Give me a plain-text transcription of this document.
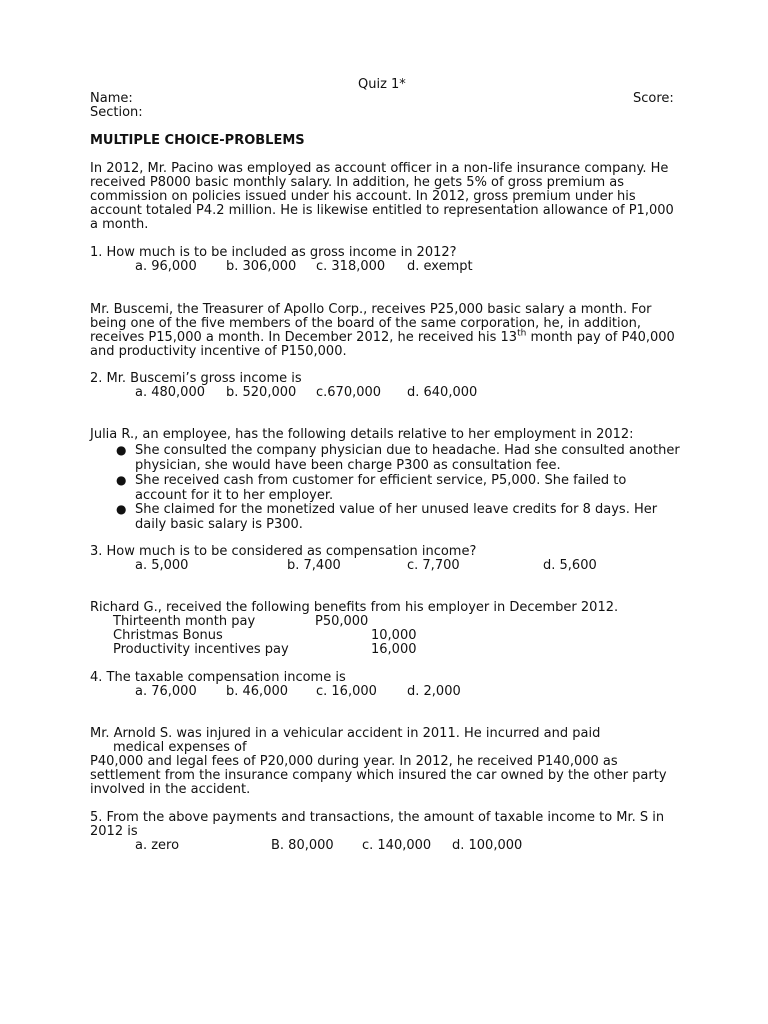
Quiz 1*
Name:	Score:
Section:
MULTIPLE CHOICE-PROBLEMS
In 2012, Mr. Pacino was employed as account officer in a non-life insurance company. He received P8000 basic monthly salary. In addition, he gets 5% of gross premium as commission on policies issued under his account. In 2012, gross premium under his account totaled P4.2 million. He is likewise entitled to representation allowance of P1,000 a month.
1. How much is to be included as gross income in 2012?
a. 96,000 b. 306,000 c. 318,000 d. exempt
Mr. Buscemi, the Treasurer of Apollo Corp., receives P25,000 basic salary a month. For being one of the five members of the board of the same corporation, he, in addition, receives P15,000 a month. In December 2012, he received his 13th month pay of P40,000 and productivity incentive of P150,000.
2. Mr. Buscemi’s gross income is
a. 480,000 b. 520,000 c.670,000 d. 640,000
Julia R., an employee, has the following details relative to her employment in 2012:
● She consulted the company physician due to headache. Had she consulted another physician, she would have been charge P300 as consultation fee.
● She received cash from customer for efficient service, P5,000. She failed to account for it to her employer.
● She claimed for the monetized value of her unused leave credits for 8 days. Her daily basic salary is P300.
3. How much is to be considered as compensation income?
a. 5,000	b. 7,400	c. 7,700	d. 5,600
Richard G., received the following benefits from his employer in December 2012.
Thirteenth month pay	P50,000
Christmas Bonus	10,000
Productivity incentives pay	16,000
4. The taxable compensation income is
a. 76,000 b. 46,000 c. 16,000 d. 2,000
Mr. Arnold S. was injured in a vehicular accident in 2011. He incurred and paid
medical expenses of
P40,000 and legal fees of P20,000 during year. In 2012, he received P140,000 as settlement from the insurance company which insured the car owned by the other party involved in the accident.
5. From the above payments and transactions, the amount of taxable income to Mr. S in 2012 is
a. zero	B. 80,000 c. 140,000 d. 100,000
